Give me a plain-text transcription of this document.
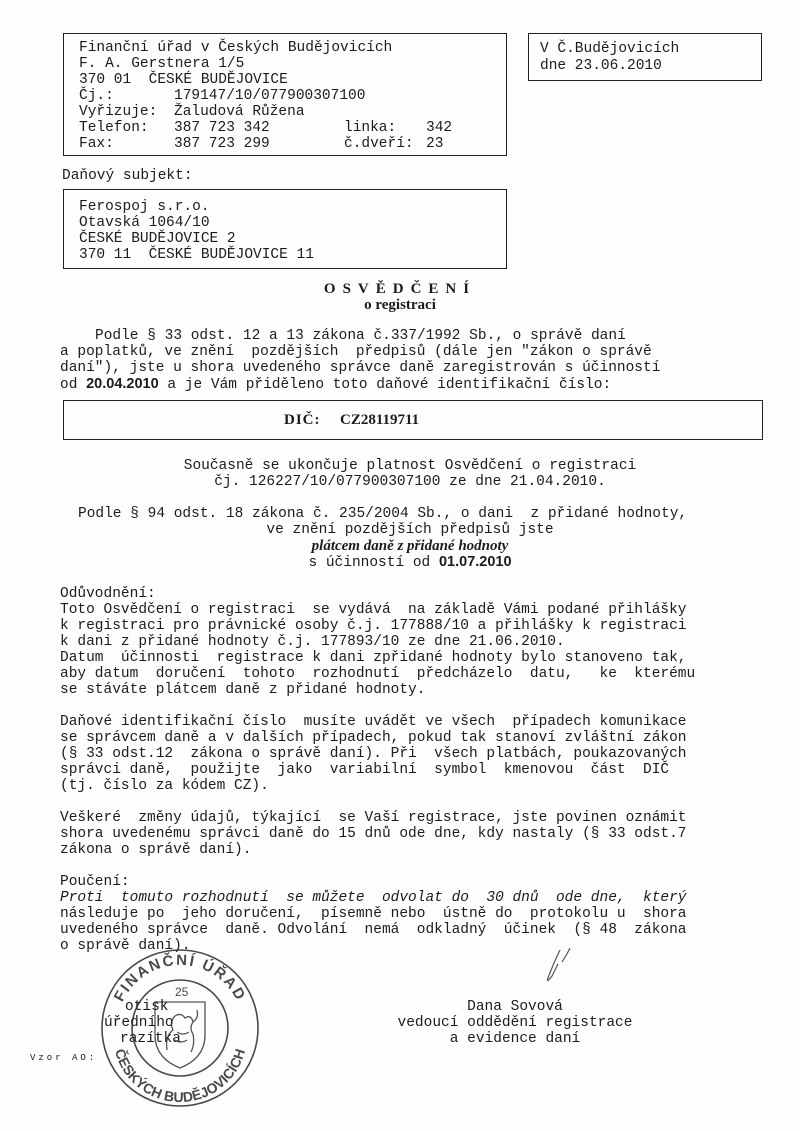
Finanční úřad v Českých Budějovicích
F. A. Gerstnera 1/5
370 01  ČESKÉ BUDĚJOVICE
Čj.:	179147/10/077900307100
Vyřizuje: Žaludová Růžena
Telefon: 387 723 342	linka: 342
Fax:	387 723 299	č.dveří: 23
V Č.Budějovicích
dne 23.06.2010
Daňový subjekt:
Ferospoj s.r.o.
Otavská 1064/10
ČESKÉ BUDĚJOVICE 2
370 11  ČESKÉ BUDĚJOVICE 11
OSVĚDČENÍ
o registraci
Podle § 33 odst. 12 a 13 zákona č.337/1992 Sb., o správě daní
a poplatků, ve znění  pozdějších  předpisů (dále jen "zákon o správě
daní"), jste u shora uvedeného správce daně zaregistrován s účinností
od 20.04.2010 a je Vám přiděleno toto daňové identifikační číslo:
DIČ: CZ28119711
Současně se ukončuje platnost Osvědčení o registraci
čj. 126227/10/077900307100 ze dne 21.04.2010.
Podle § 94 odst. 18 zákona č. 235/2004 Sb., o dani  z přidané hodnoty,
ve znění pozdějších předpisů jste
plátcem daně z přidané hodnoty
s účinností od 01.07.2010
Odůvodnění:
Toto Osvědčení o registraci  se vydává  na základě Vámi podané přihlášky
k registraci pro právnické osoby č.j. 177888/10 a přihlášky k registraci
k dani z přidané hodnoty č.j. 177893/10 ze dne 21.06.2010.
Datum  účinnosti  registrace k dani zpřidané hodnoty bylo stanoveno tak,
aby datum  doručení  tohoto  rozhodnutí  předcházelo  datu,   ke  kterému
se stáváte plátcem daně z přidané hodnoty.
Daňové identifikační číslo  musíte uvádět ve všech  případech komunikace
se správcem daně a v dalších případech, pokud tak stanoví zvláštní zákon
(§ 33 odst.12  zákona o správě daní). Při  všech platbách, poukazovaných
správci daně,  použijte  jako  variabilní  symbol  kmenovou  část  DIČ
(tj. číslo za kódem CZ).
Veškeré  změny údajů, týkající  se Vaší registrace, jste povinen oznámit
shora uvedenému správci daně do 15 dnů ode dne, kdy nastaly (§ 33 odst.7
zákona o správě daní).
Poučení:
Proti  tomuto rozhodnutí  se můžete  odvolat do  30 dnů  ode dne,  který
následuje po  jeho doručení,  písemně nebo  ústně do  protokolu u  shora
uvedeného správce  daně. Odvolání  nemá  odkladný  účinek  (§ 48  zákona
o správě daní).
otisk
úředního
razítka
FINANČNÍ ÚŘAD
ČESKÝCH BUDĚJOVICÍCH
25
Dana Sovová
vedoucí oddědění registrace
a evidence daní
Vzor AO:
